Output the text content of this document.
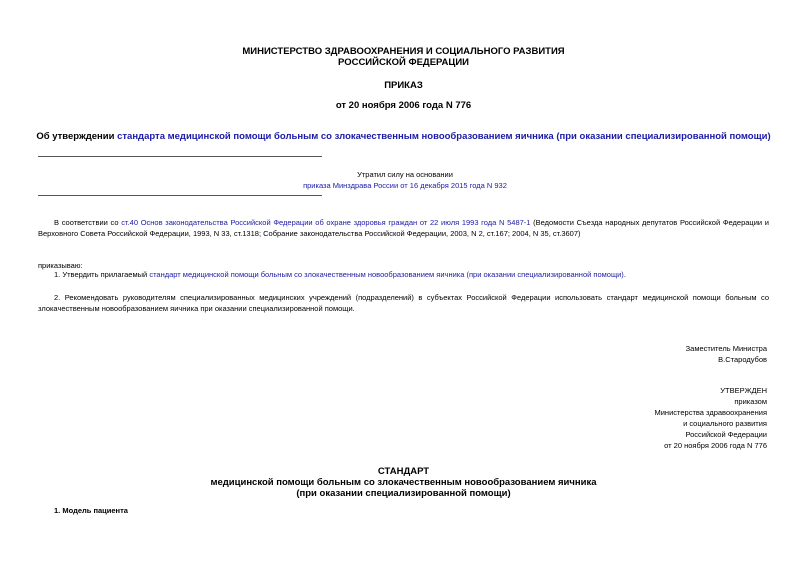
МИНИСТЕРСТВО ЗДРАВООХРАНЕНИЯ И СОЦИАЛЬНОГО РАЗВИТИЯ
РОССИЙСКОЙ ФЕДЕРАЦИИ
ПРИКАЗ
от 20 ноября 2006 года N 776
Об утверждении стандарта медицинской помощи больным со злокачественным новообразованием яичника (при оказании специализированной помощи)
Утратил силу на основании
приказа Минздрава России от 16 декабря 2015 года N 932
В соответствии со ст.40 Основ законодательства Российской Федерации об охране здоровья граждан от 22 июля 1993 года N 5487-1 (Ведомости Съезда народных депутатов Российской Федерации и Верховного Совета Российской Федерации, 1993, N 33, ст.1318; Собрание законодательства Российской Федерации, 2003, N 2, ст.167; 2004, N 35, ст.3607)
приказываю:
1. Утвердить прилагаемый стандарт медицинской помощи больным со злокачественным новообразованием яичника (при оказании специализированной помощи).
2. Рекомендовать руководителям специализированных медицинских учреждений (подразделений) в субъектах Российской Федерации использовать стандарт медицинской помощи больным со злокачественным новообразованием яичника при оказании специализированной помощи.
Заместитель Министра
В.Стародубов
УТВЕРЖДЕН
приказом
Министерства здравоохранения
и социального развития
Российской Федерации
от 20 ноября 2006 года N 776
СТАНДАРТ
медицинской помощи больным со злокачественным новообразованием яичника
(при оказании специализированной помощи)
1. Модель пациента
